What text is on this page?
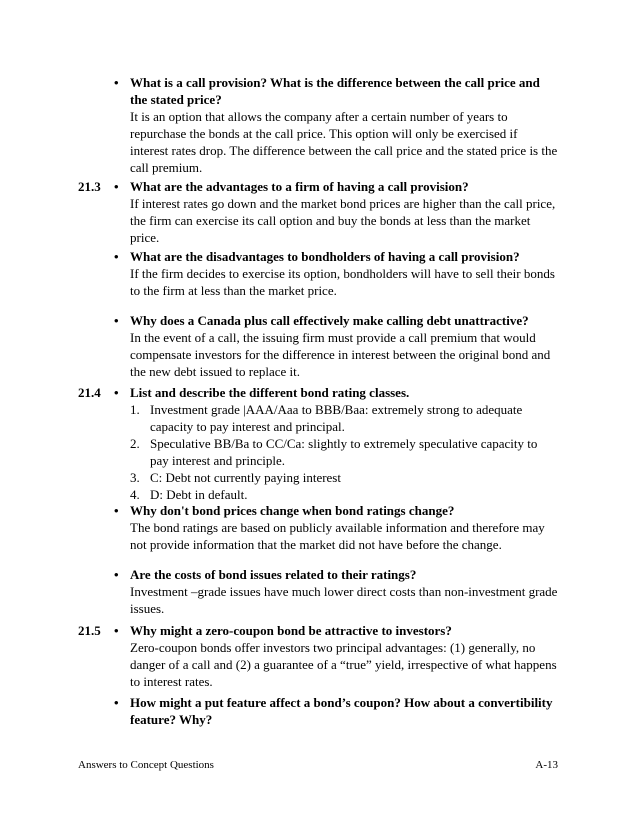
• What is a call provision? What is the difference between the call price and the stated price?
It is an option that allows the company after a certain number of years to repurchase the bonds at the call price. This option will only be exercised if interest rates drop. The difference between the call price and the stated price is the call premium.
21.3 • What are the advantages to a firm of having a call provision?
If interest rates go down and the market bond prices are higher than the call price, the firm can exercise its call option and buy the bonds at less than the market price.
• What are the disadvantages to bondholders of having a call provision?
If the firm decides to exercise its option, bondholders will have to sell their bonds to the firm at less than the market price.
• Why does a Canada plus call effectively make calling debt unattractive?
In the event of a call, the issuing firm must provide a call premium that would compensate investors for the difference in interest between the original bond and the new debt issued to replace it.
21.4 • List and describe the different bond rating classes.
1. Investment grade |AAA/Aaa to BBB/Baa: extremely strong to adequate capacity to pay interest and principal.
2. Speculative BB/Ba to CC/Ca: slightly to extremely speculative capacity to pay interest and principle.
3. C: Debt not currently paying interest
4. D: Debt in default.
• Why don't bond prices change when bond ratings change?
The bond ratings are based on publicly available information and therefore may not provide information that the market did not have before the change.
• Are the costs of bond issues related to their ratings?
Investment –grade issues have much lower direct costs than non-investment grade issues.
21.5 • Why might a zero-coupon bond be attractive to investors?
Zero-coupon bonds offer investors two principal advantages: (1) generally, no danger of a call and (2) a guarantee of a “true” yield, irrespective of what happens to interest rates.
• How might a put feature affect a bond’s coupon? How about a convertibility feature? Why?
Answers to Concept Questions	A-13
